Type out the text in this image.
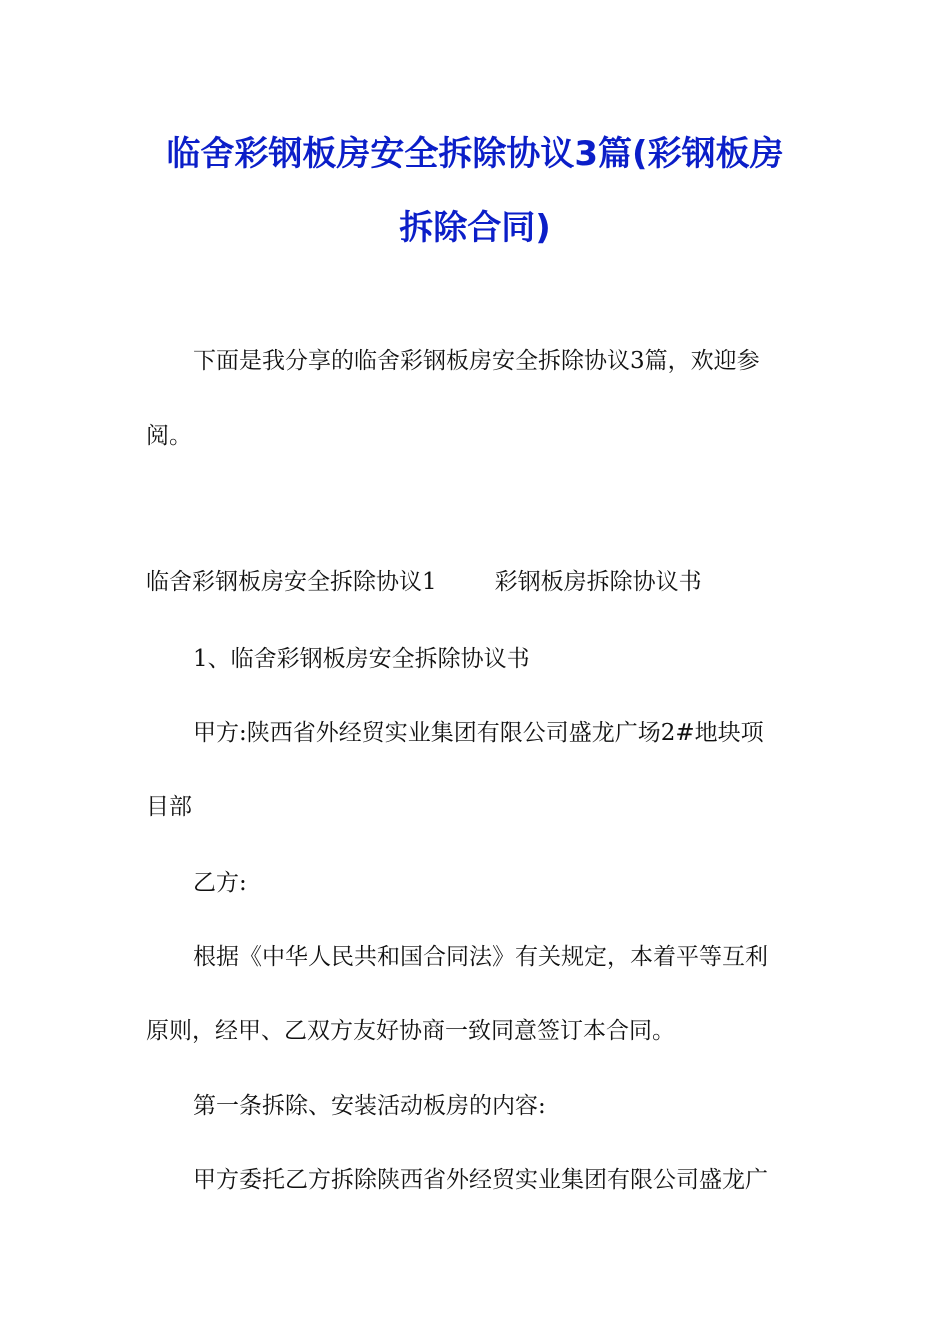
临舍彩钢板房安全拆除协议3篇(彩钢板房
拆除合同)
下面是我分享的临舍彩钢板房安全拆除协议3篇，欢迎参
阅。
临舍彩钢板房安全拆除协议1	彩钢板房拆除协议书
1、临舍彩钢板房安全拆除协议书
甲方:陕西省外经贸实业集团有限公司盛龙广场2#地块项
目部
乙方:
根据《中华人民共和国合同法》有关规定，本着平等互利
原则，经甲、乙双方友好协商一致同意签订本合同。
第一条拆除、安装活动板房的内容:
甲方委托乙方拆除陕西省外经贸实业集团有限公司盛龙广
